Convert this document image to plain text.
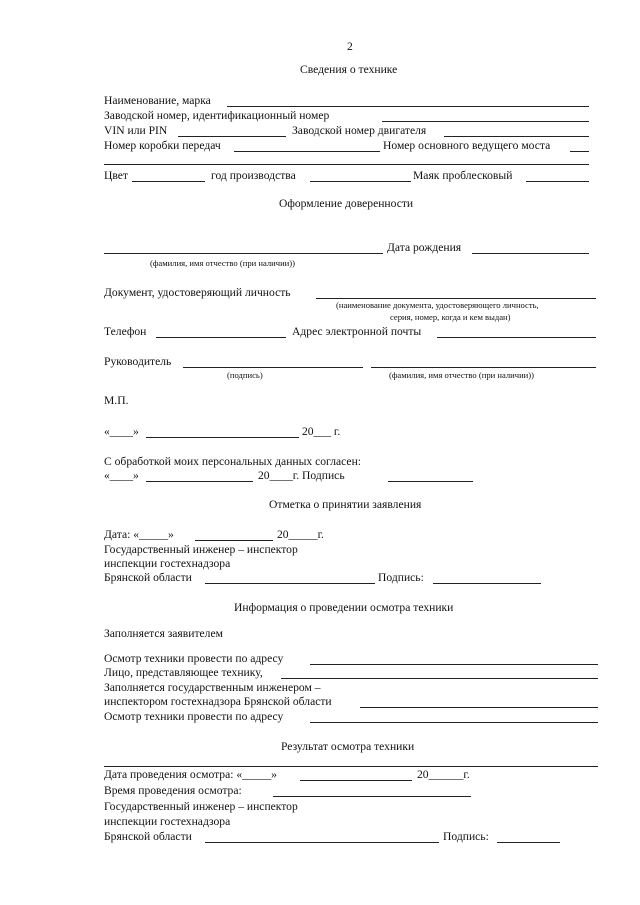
2
Сведения о технике
Наименование, марка
Заводской номер, идентификационный номер
VIN или PIN	Заводской номер двигателя
Номер коробки передач	Номер основного ведущего моста
Цвет	год производства	Маяк проблесковый
Оформление доверенности
Дата рождения
(фамилия, имя отчество (при наличии))
Документ, удостоверяющий личность
(наименование документа, удостоверяющего личность,
серия, номер, когда и кем выдан)
Телефон	Адрес электронной почты
Руководитель
(подпись)	(фамилия, имя отчество (при наличии))
М.П.
«____»	20___ г.
С обработкой моих персональных данных согласен:
«____»	20____г. Подпись
Отметка о принятии заявления
Дата: «_____»	20_____г.
Государственный инженер – инспектор
инспекции гостехнадзора
Брянской области	Подпись:
Информация о проведении осмотра техники
Заполняется заявителем
Осмотр техники провести по адресу
Лицо, представляющее технику,
Заполняется государственным инженером –
инспектором гостехнадзора Брянской области
Осмотр техники провести по адресу
Результат осмотра техники
Дата проведения осмотра: «_____»	20______г.
Время проведения осмотра:
Государственный инженер – инспектор
инспекции гостехнадзора
Брянской области	Подпись:
